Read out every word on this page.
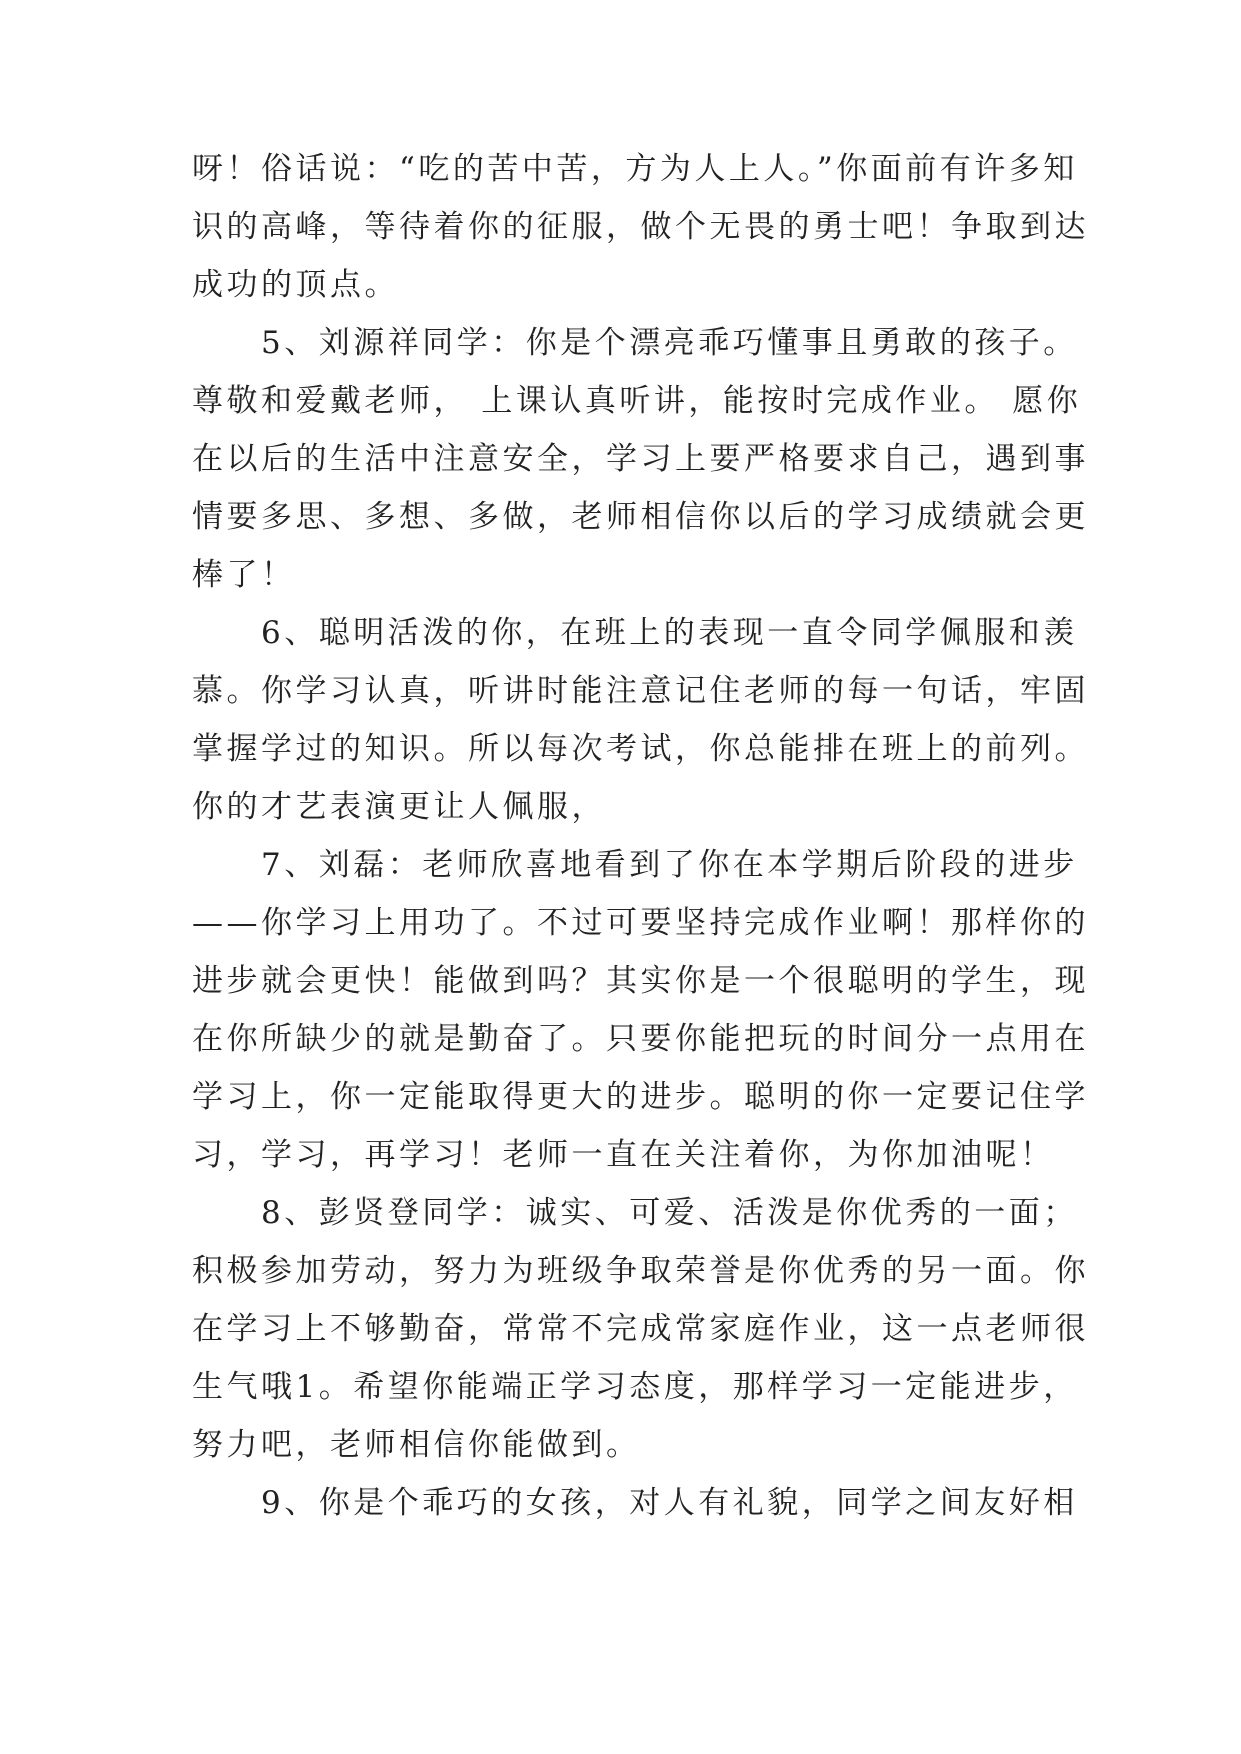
呀！俗话说：“吃的苦中苦，方为人上人。”你面前有许多知
识的高峰，等待着你的征服，做个无畏的勇士吧！争取到达
成功的顶点。
　　5、刘源祥同学：你是个漂亮乖巧懂事且勇敢的孩子。
尊敬和爱戴老师， 上课认真听讲，能按时完成作业。 愿你
在以后的生活中注意安全，学习上要严格要求自己，遇到事
情要多思、多想、多做，老师相信你以后的学习成绩就会更
棒了！
　　6、聪明活泼的你，在班上的表现一直令同学佩服和羡
慕。你学习认真，听讲时能注意记住老师的每一句话，牢固
掌握学过的知识。所以每次考试，你总能排在班上的前列。
你的才艺表演更让人佩服，
　　7、刘磊：老师欣喜地看到了你在本学期后阶段的进步
——你学习上用功了。不过可要坚持完成作业啊！那样你的
进步就会更快！能做到吗？其实你是一个很聪明的学生，现
在你所缺少的就是勤奋了。只要你能把玩的时间分一点用在
学习上，你一定能取得更大的进步。聪明的你一定要记住学
习，学习，再学习！老师一直在关注着你，为你加油呢！
　　8、彭贤登同学：诚实、可爱、活泼是你优秀的一面；
积极参加劳动，努力为班级争取荣誉是你优秀的另一面。你
在学习上不够勤奋，常常不完成常家庭作业，这一点老师很
生气哦1。希望你能端正学习态度，那样学习一定能进步，
努力吧，老师相信你能做到。
　　9、你是个乖巧的女孩，对人有礼貌，同学之间友好相
